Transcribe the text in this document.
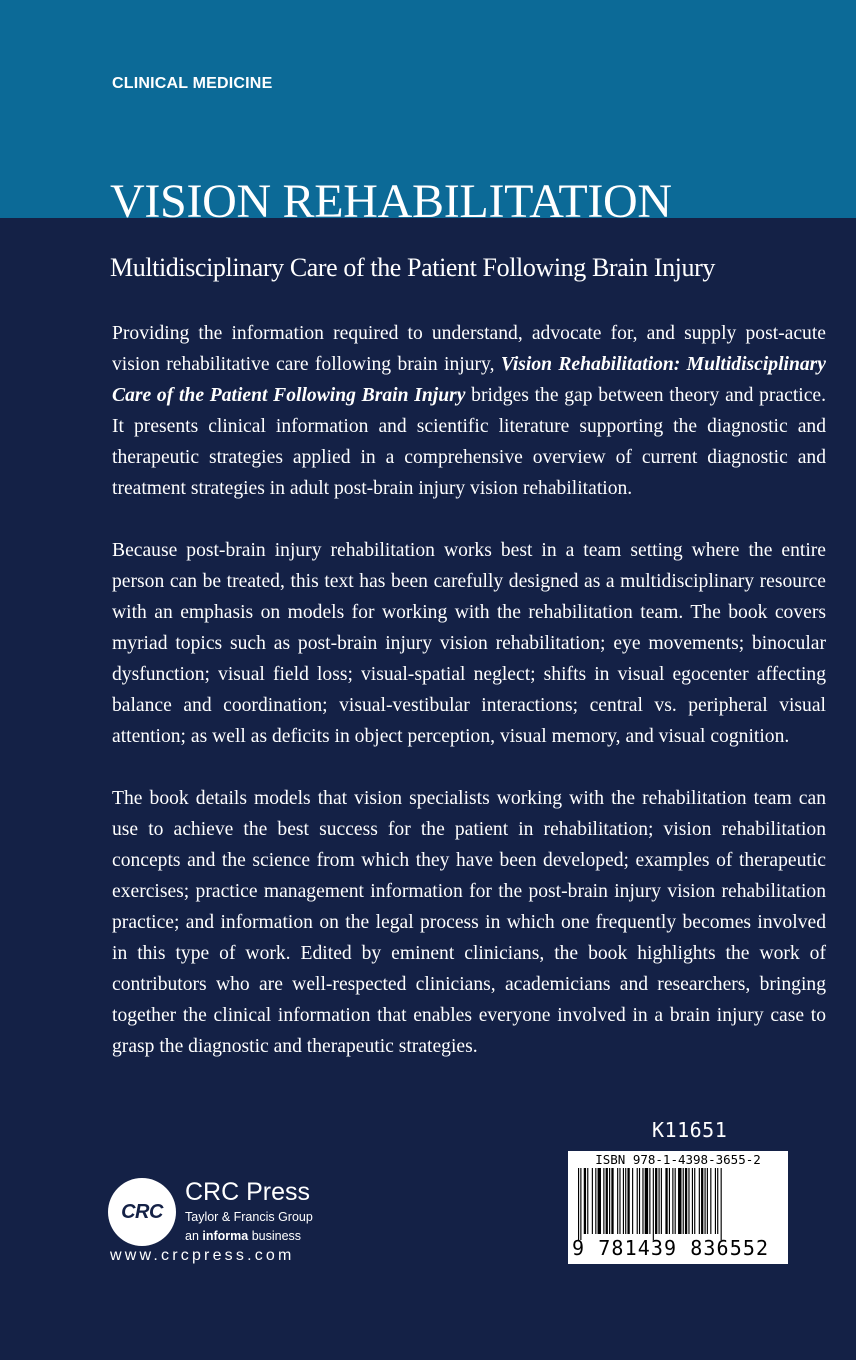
CLINICAL MEDICINE
VISION REHABILITATION
Multidisciplinary Care of the Patient Following Brain Injury

Providing the information required to understand, advocate for, and supply post-acute vision rehabilitative care following brain injury, Vision Rehabilitation: Multidisciplinary Care of the Patient Following Brain Injury bridges the gap between theory and practice. It presents clinical information and scientific literature supporting the diagnostic and therapeutic strategies applied in a comprehensive overview of current diagnostic and treatment strategies in adult post-brain injury vision rehabilitation.

Because post-brain injury rehabilitation works best in a team setting where the entire person can be treated, this text has been carefully designed as a multidisciplinary resource with an emphasis on models for working with the rehabilitation team. The book covers myriad topics such as post-brain injury vision rehabilitation; eye movements; binocular dysfunction; visual field loss; visual-spatial neglect; shifts in visual egocenter affecting balance and coordination; visual-vestibular interactions; central vs. peripheral visual attention; as well as deficits in object perception, visual memory, and visual cognition.

The book details models that vision specialists working with the rehabilitation team can use to achieve the best success for the patient in rehabilitation; vision rehabilitation concepts and the science from which they have been developed; examples of therapeutic exercises; practice management information for the post-brain injury vision rehabilitation practice; and information on the legal process in which one frequently becomes involved in this type of work. Edited by eminent clinicians, the book highlights the work of contributors who are well-respected clinicians, academicians and researchers, bringing together the clinical information that enables everyone involved in a brain injury case to grasp the diagnostic and therapeutic strategies.

K11651
ISBN 978-1-4398-3655-2
9 781439 836552
CRC
CRC Press
Taylor & Francis Group
an informa business
www.crcpress.com
